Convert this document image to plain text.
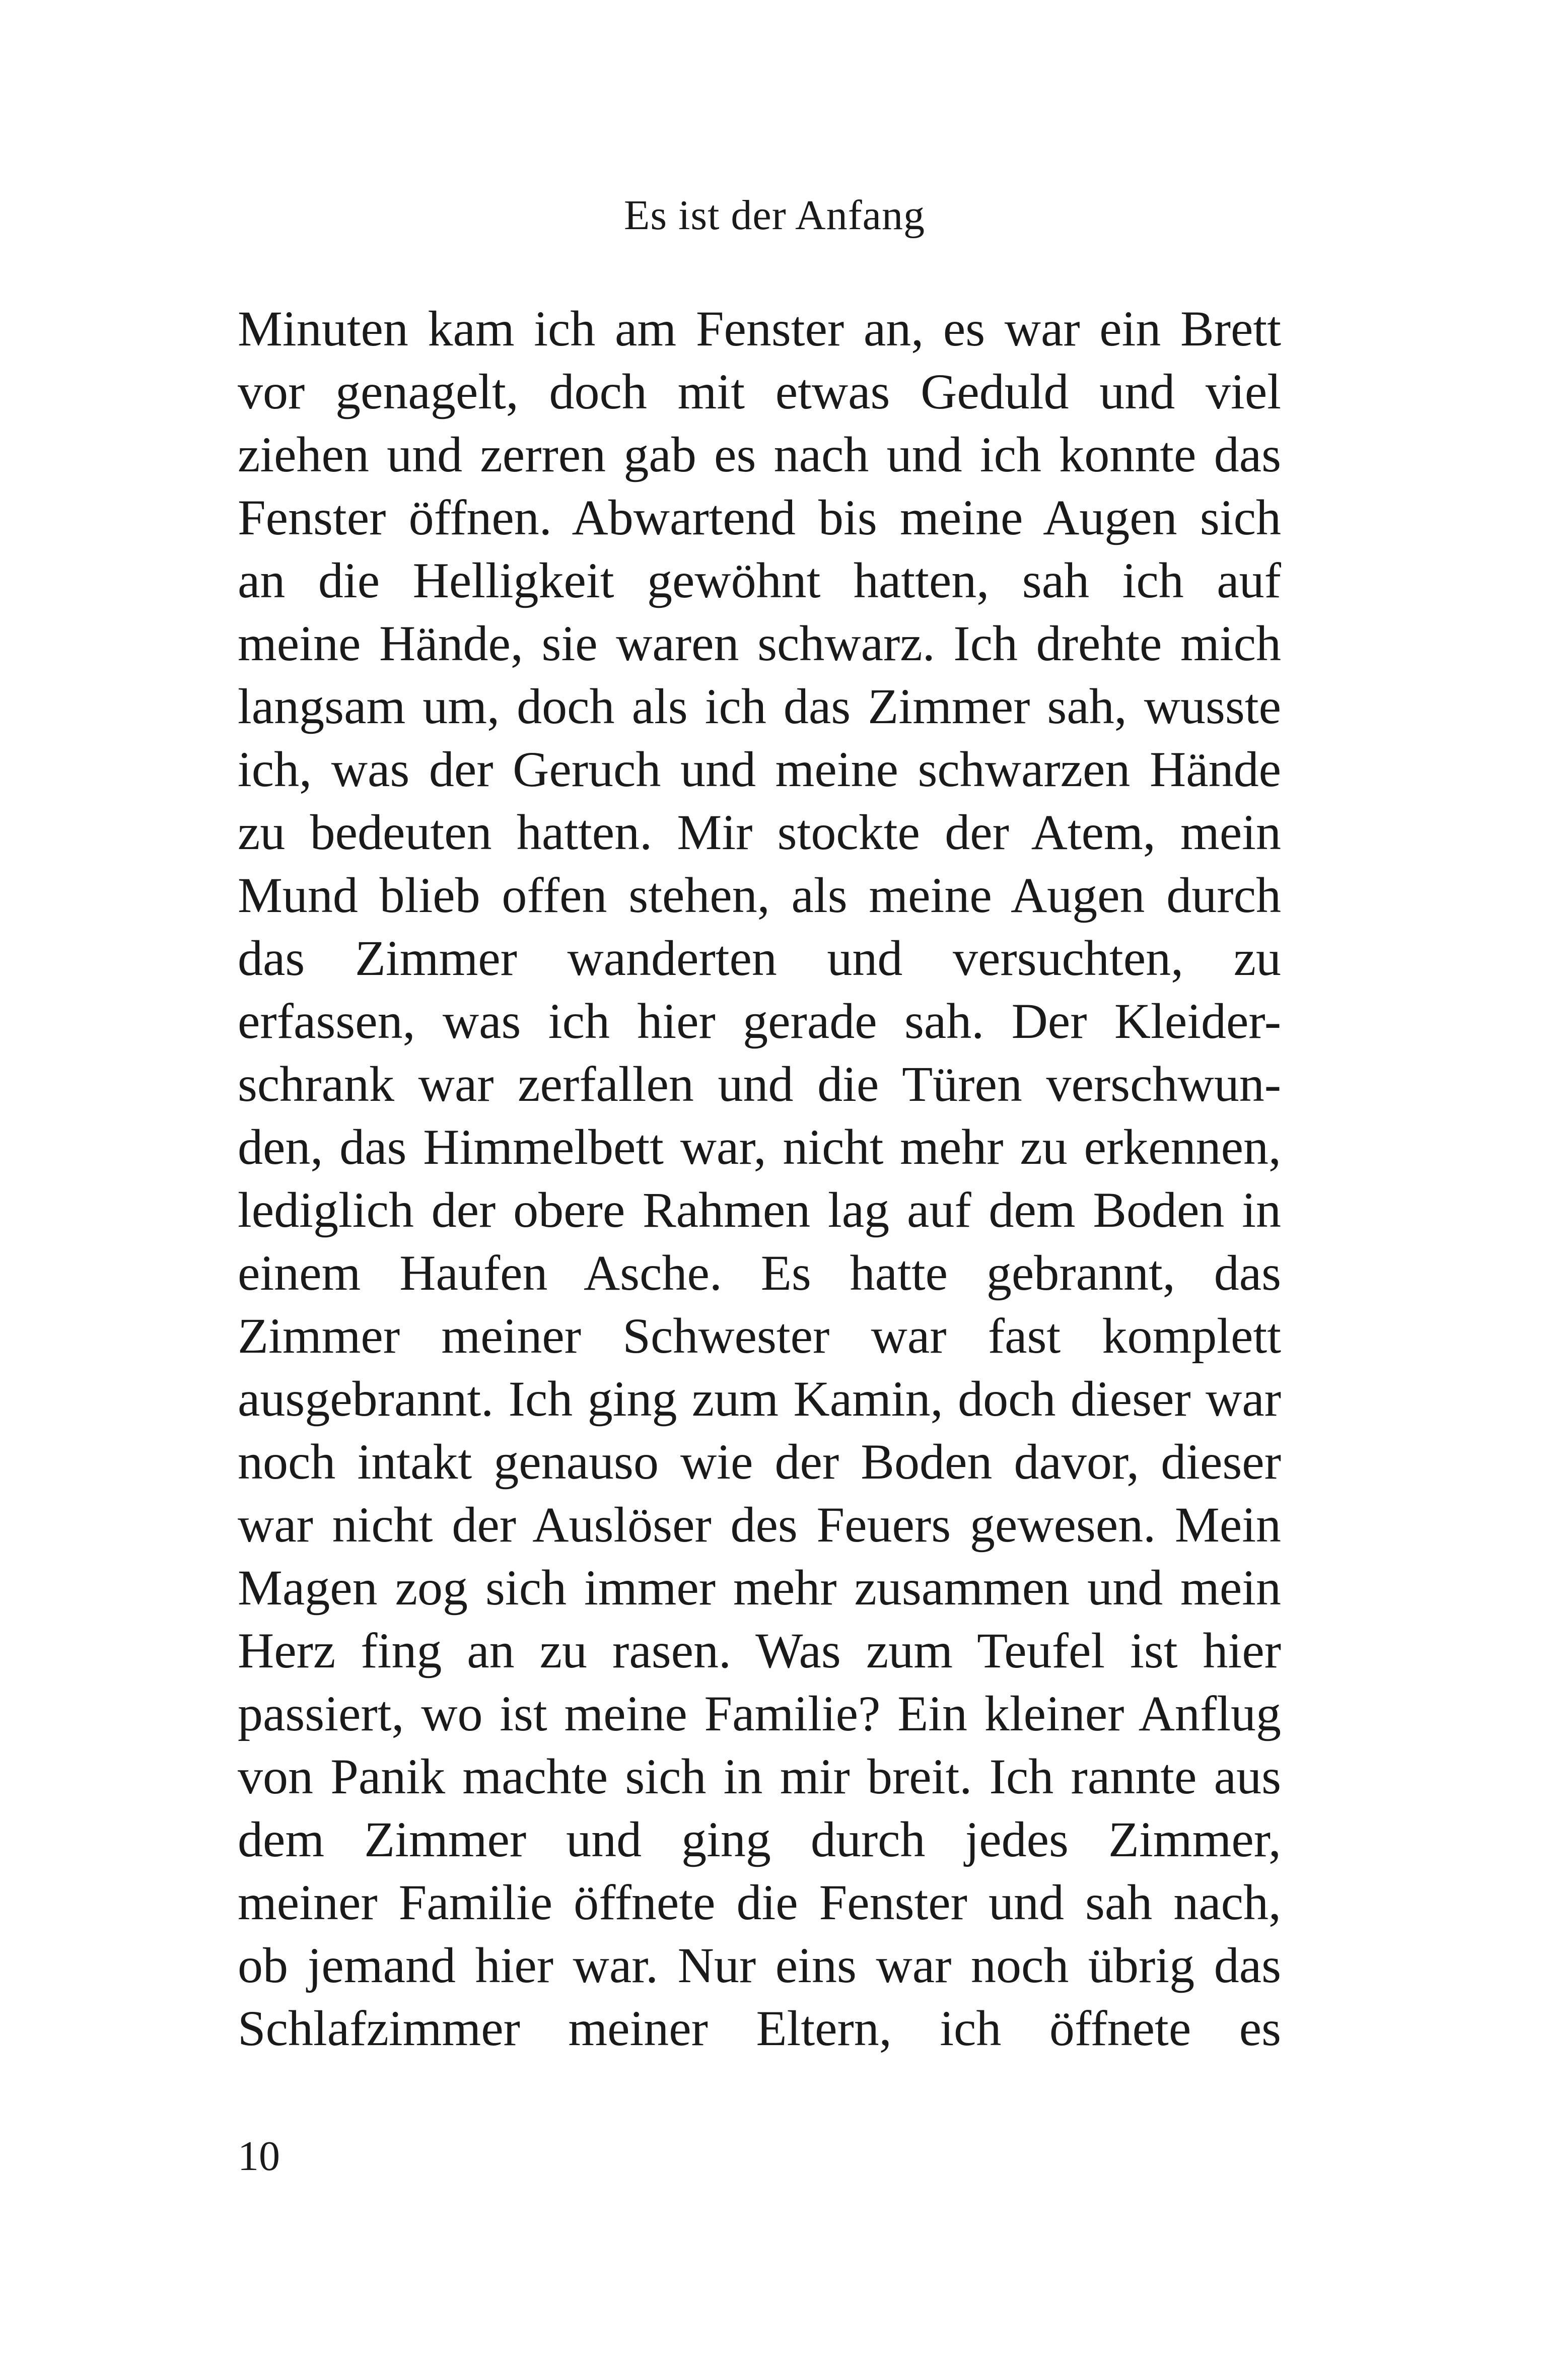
Es ist der Anfang
Minuten kam ich am Fenster an, es war ein Brett
vor genagelt, doch mit etwas Geduld und viel
ziehen und zerren gab es nach und ich konnte das
Fenster öffnen. Abwartend bis meine Augen sich
an die Helligkeit gewöhnt hatten, sah ich auf
meine Hände, sie waren schwarz. Ich drehte mich
langsam um, doch als ich das Zimmer sah, wusste
ich, was der Geruch und meine schwarzen Hände
zu bedeuten hatten. Mir stockte der Atem, mein
Mund blieb offen stehen, als meine Augen durch
das Zimmer wanderten und versuchten, zu
erfassen, was ich hier gerade sah. Der Kleider-
schrank war zerfallen und die Türen verschwun-
den, das Himmelbett war, nicht mehr zu erkennen,
lediglich der obere Rahmen lag auf dem Boden in
einem Haufen Asche. Es hatte gebrannt, das
Zimmer meiner Schwester war fast komplett
ausgebrannt. Ich ging zum Kamin, doch dieser war
noch intakt genauso wie der Boden davor, dieser
war nicht der Auslöser des Feuers gewesen. Mein
Magen zog sich immer mehr zusammen und mein
Herz fing an zu rasen. Was zum Teufel ist hier
passiert, wo ist meine Familie? Ein kleiner Anflug
von Panik machte sich in mir breit. Ich rannte aus
dem Zimmer und ging durch jedes Zimmer,
meiner Familie öffnete die Fenster und sah nach,
ob jemand hier war. Nur eins war noch übrig das
Schlafzimmer meiner Eltern, ich öffnete es
10
